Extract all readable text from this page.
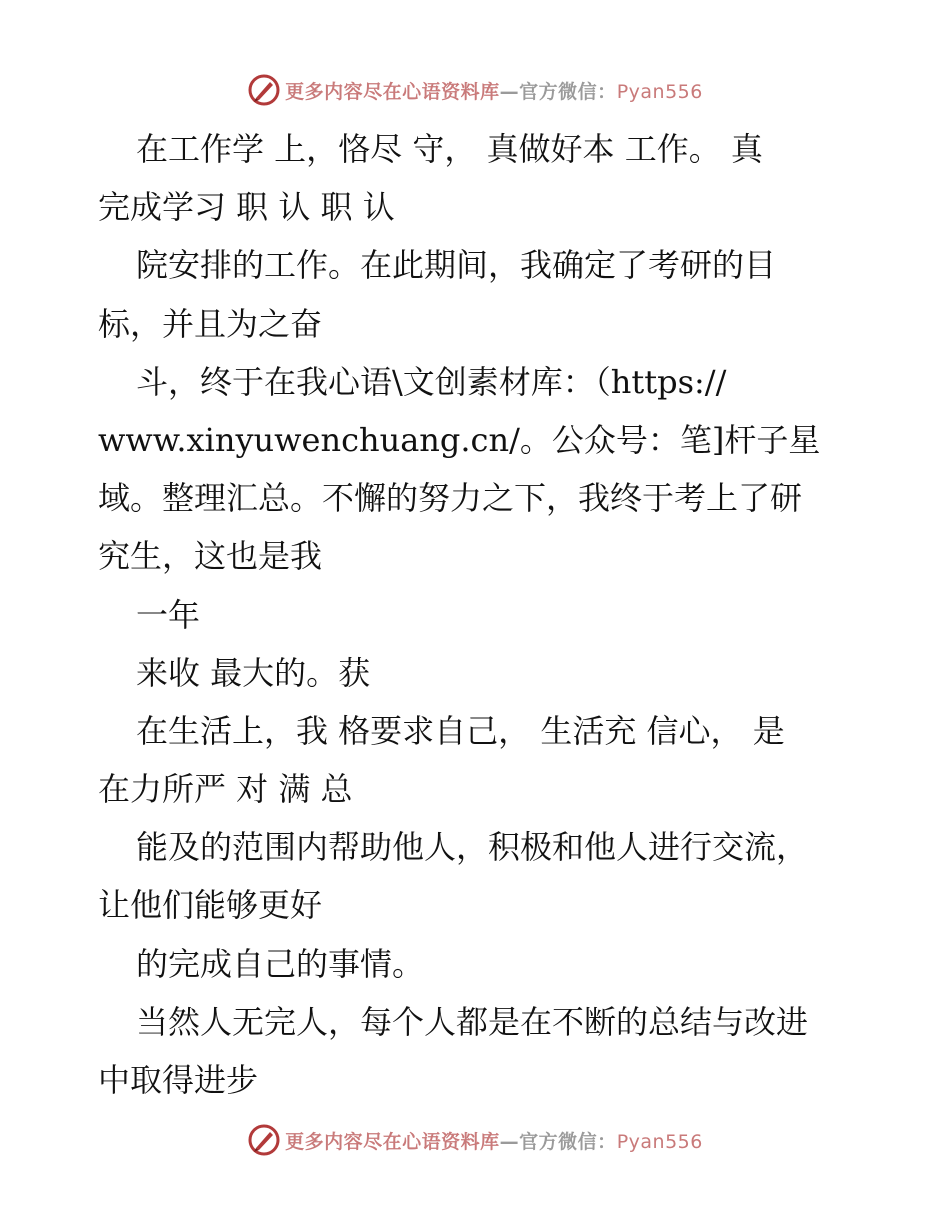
更多内容尽在心语资料库—官方微信：Pyan556
在工作学 上，恪尽 守， 真做好本 工作。 真
完成学习 职 认 职 认
院安排的工作。在此期间，我确定了考研的目
标，并且为之奋
斗，终于在我心语\文创素材库：（https://
www.xinyuwenchuang.cn/。公众号：笔]杆子星
域。整理汇总。不懈的努力之下，我终于考上了研
究生，这也是我
一年
来收 最大的。获
在生活上，我 格要求自己， 生活充 信心， 是
在力所严 对 满 总
能及的范围内帮助他人，积极和他人进行交流，
让他们能够更好
的完成自己的事情。
当然人无完人，每个人都是在不断的总结与改进
中取得进步
更多内容尽在心语资料库—官方微信：Pyan556
